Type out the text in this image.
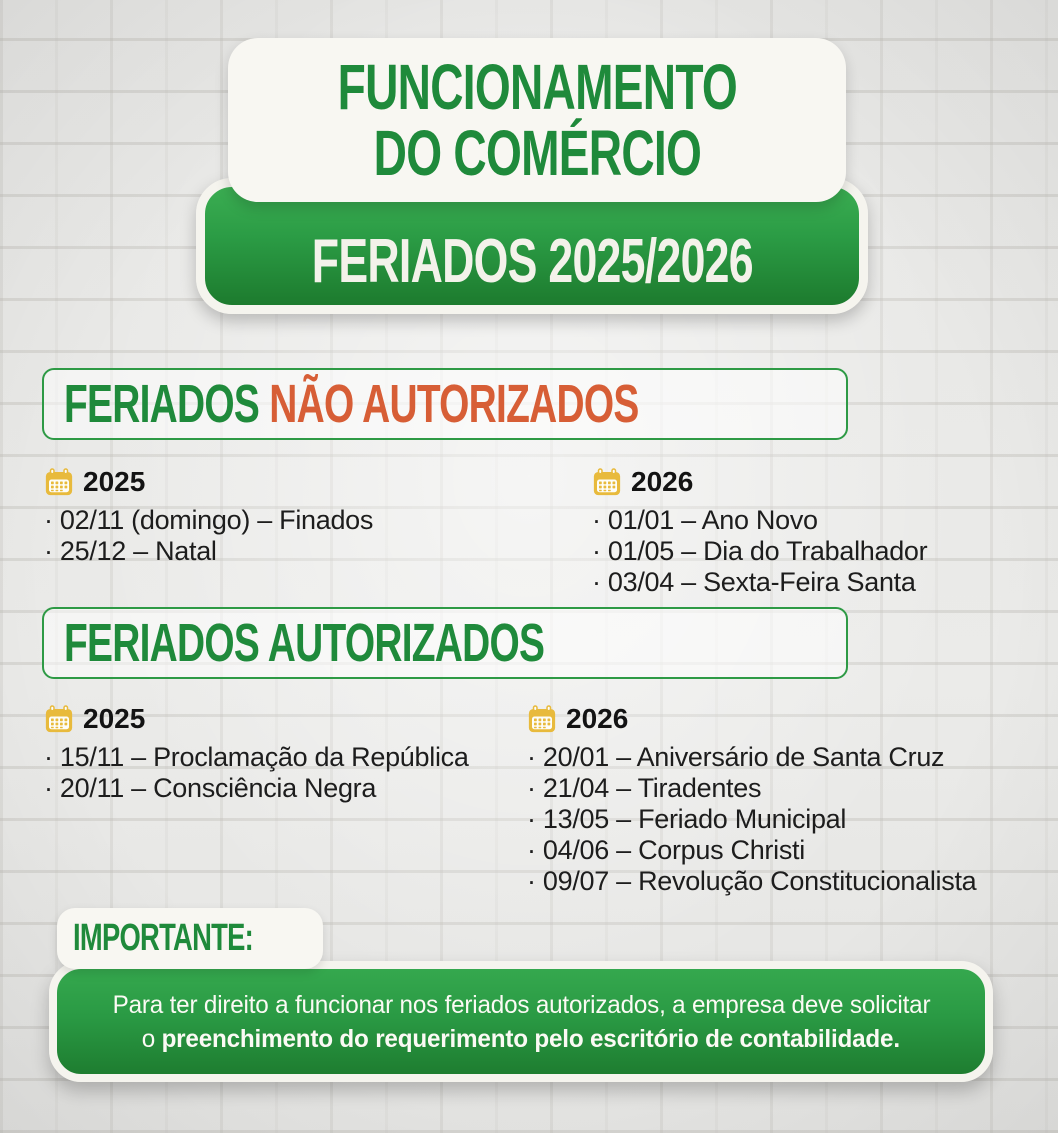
FERIADOS 2025/2026
FUNCIONAMENTO
DO COMÉRCIO
FERIADOS NÃO AUTORIZADOS
2025
· 02/11 (domingo) – Finados
· 25/12 – Natal
2026
· 01/01 – Ano Novo
· 01/05 – Dia do Trabalhador
· 03/04 – Sexta-Feira Santa
FERIADOS AUTORIZADOS
2025
· 15/11 – Proclamação da República
· 20/11 – Consciência Negra
2026
· 20/01 – Aniversário de Santa Cruz
· 21/04 – Tiradentes
· 13/05 – Feriado Municipal
· 04/06 – Corpus Christi
· 09/07 – Revolução Constitucionalista
IMPORTANTE:
Para ter direito a funcionar nos feriados autorizados, a empresa deve solicitar
o preenchimento do requerimento pelo escritório de contabilidade.
